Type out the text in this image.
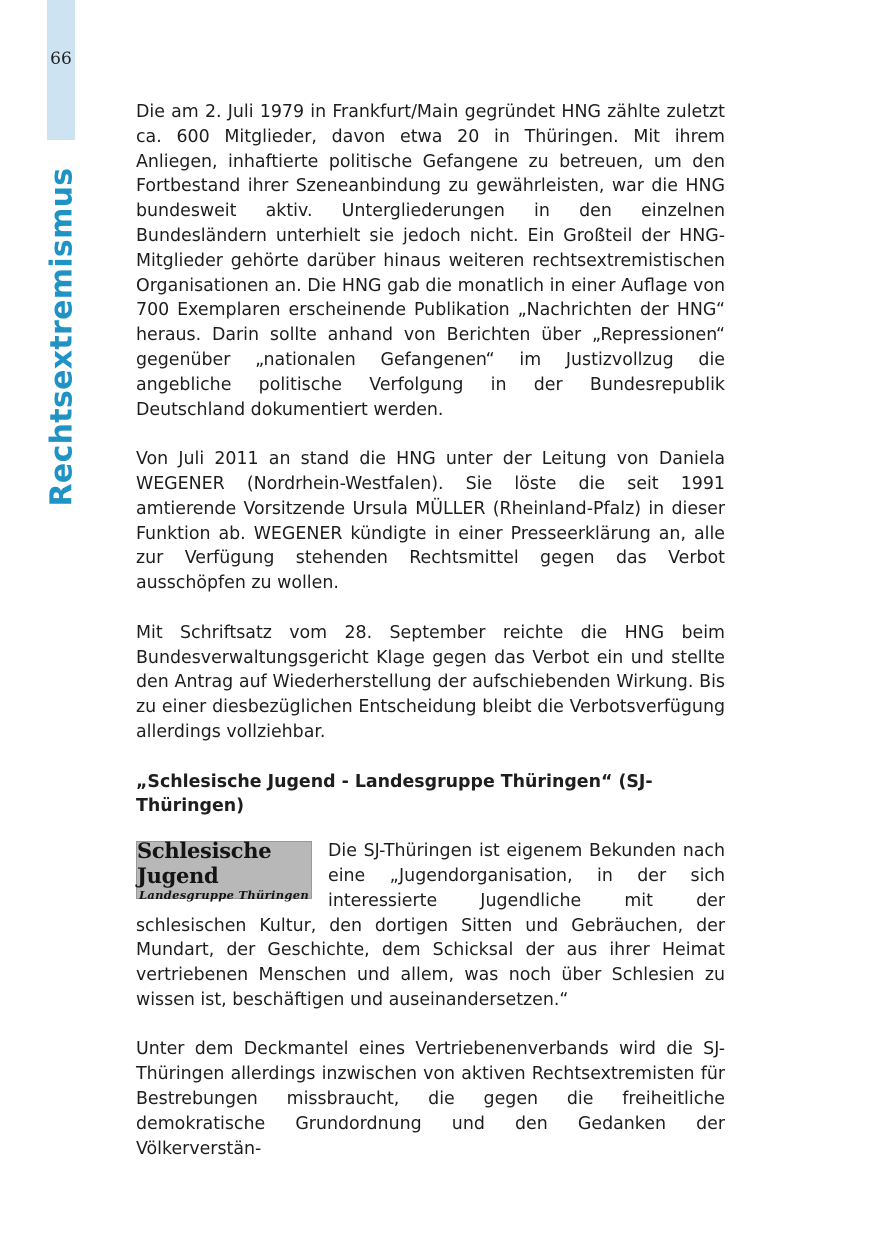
66
Rechtsextremismus

Die am 2. Juli 1979 in Frankfurt/Main gegründet HNG zählte zuletzt ca. 600 Mitglieder, davon etwa 20 in Thüringen. Mit ihrem Anliegen, inhaftierte politische Gefangene zu betreuen, um den Fortbestand ihrer Szeneanbindung zu gewährleisten, war die HNG bundesweit aktiv. Untergliederungen in den einzelnen Bundesländern unterhielt sie jedoch nicht. Ein Großteil der HNG-Mitglieder gehörte darüber hinaus weiteren rechtsextremistischen Organisationen an. Die HNG gab die monatlich in einer Auflage von 700 Exemplaren erscheinende Publikation „Nachrichten der HNG“ heraus. Darin sollte anhand von Berichten über „Repressionen“ gegenüber „nationalen Gefangenen“ im Justizvollzug die angebliche politische Verfolgung in der Bundesrepublik Deutschland dokumentiert werden.

Von Juli 2011 an stand die HNG unter der Leitung von Daniela WEGENER (Nordrhein-Westfalen). Sie löste die seit 1991 amtierende Vorsitzende Ursula MÜLLER (Rheinland-Pfalz) in dieser Funktion ab. WEGENER kündigte in einer Presseerklärung an, alle zur Verfügung stehenden Rechtsmittel gegen das Verbot ausschöpfen zu wollen.

Mit Schriftsatz vom 28. September reichte die HNG beim Bundesverwaltungsgericht Klage gegen das Verbot ein und stellte den Antrag auf Wiederherstellung der aufschiebenden Wirkung. Bis zu einer diesbezüglichen Entscheidung bleibt die Verbotsverfügung allerdings vollziehbar.

„Schlesische Jugend - Landesgruppe Thüringen“ (SJ-Thüringen)
Schlesische Jugend
Landesgruppe Thüringen

Die SJ-Thüringen ist eigenem Bekunden nach eine „Jugendorganisation, in der sich interessierte Jugendliche mit der schlesischen Kultur, den dortigen Sitten und Gebräuchen, der Mundart, der Geschichte, dem Schicksal der aus ihrer Heimat vertriebenen Menschen und allem, was noch über Schlesien zu wissen ist, beschäftigen und auseinandersetzen.“

Unter dem Deckmantel eines Vertriebenenverbands wird die SJ-Thüringen allerdings inzwischen von aktiven Rechtsextremisten für Bestrebungen missbraucht, die gegen die freiheitliche demokratische Grundordnung und den Gedanken der Völkerverstän-
